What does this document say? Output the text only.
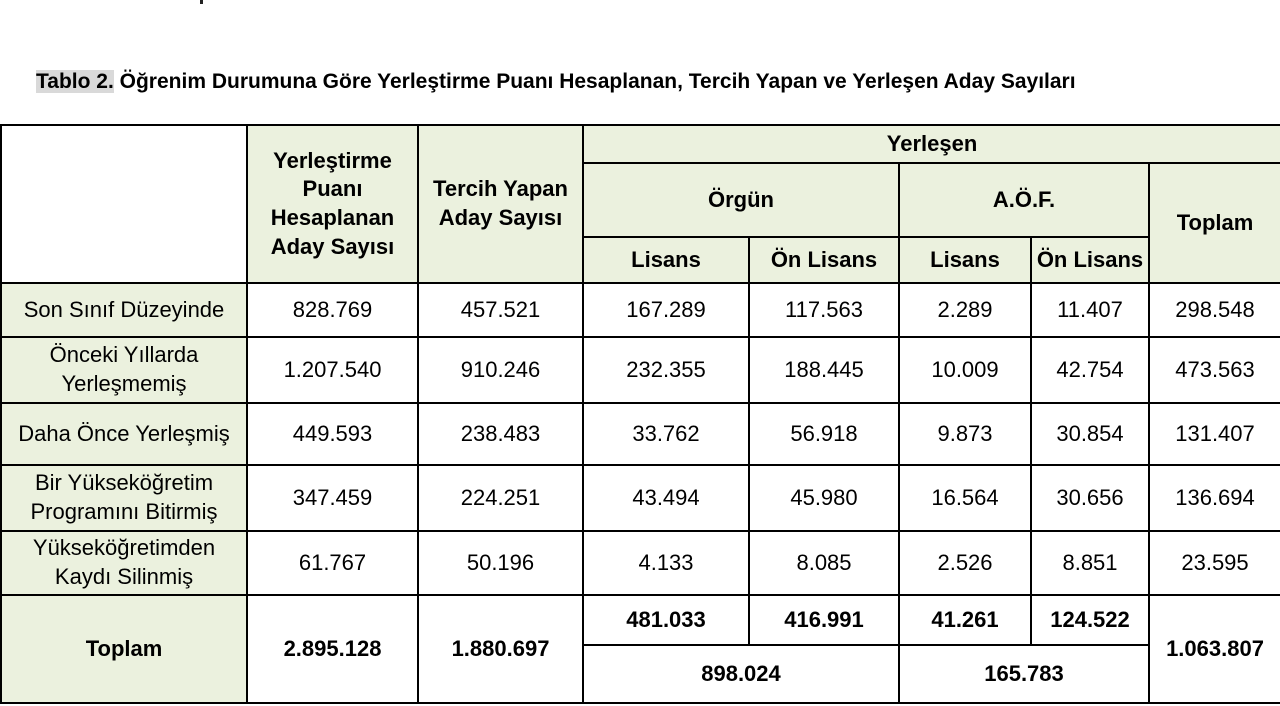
Tablo 2. Öğrenim Durumuna Göre Yerleştirme Puanı Hesaplanan, Tercih Yapan ve Yerleşen Aday Sayıları
	Yerleştirme Puanı Hesaplanan Aday Sayısı	Tercih Yapan Aday Sayısı	Yerleşen				
			Örgün		A.Ö.F.		Toplam
			Lisans	Ön Lisans	Lisans	Ön Lisans	
Son Sınıf Düzeyinde	828.769	457.521	167.289	117.563	2.289	11.407	298.548
Önceki Yıllarda Yerleşmemiş	1.207.540	910.246	232.355	188.445	10.009	42.754	473.563
Daha Önce Yerleşmiş	449.593	238.483	33.762	56.918	9.873	30.854	131.407
Bir Yükseköğretim Programını Bitirmiş	347.459	224.251	43.494	45.980	16.564	30.656	136.694
Yükseköğretimden Kaydı Silinmiş	61.767	50.196	4.133	8.085	2.526	8.851	23.595
Toplam	2.895.128	1.880.697	481.033	416.991	41.261	124.522	1.063.807
			898.024		165.783		
